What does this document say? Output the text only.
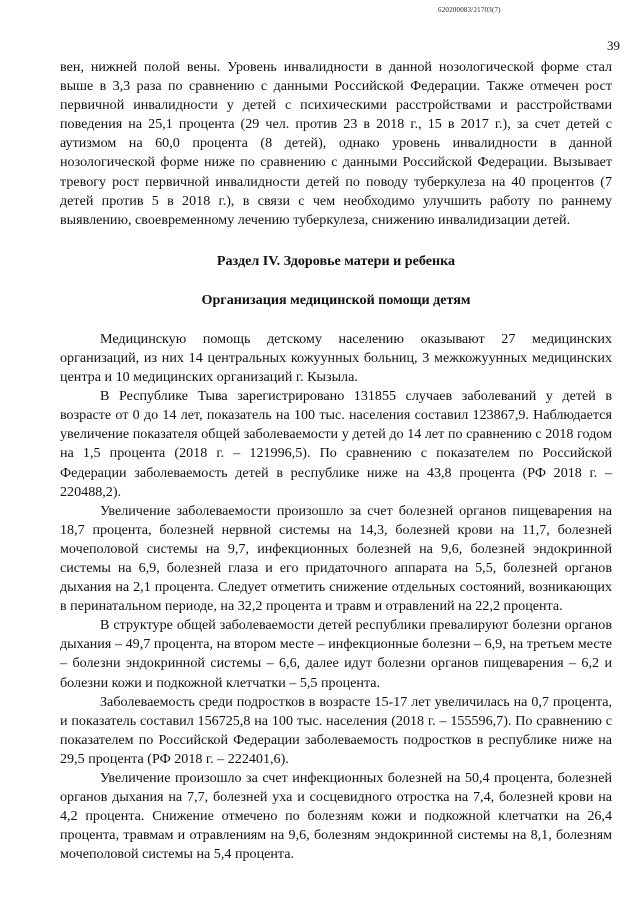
620200083/21703(7)
39

вен, нижней полой вены. Уровень инвалидности в данной нозологической форме стал выше в 3,3 раза по сравнению с данными Российской Федерации. Также отмечен рост первичной инвалидности у детей с психическими расстройствами и расстройствами поведения на 25,1 процента (29 чел. против 23 в 2018 г., 15 в 2017 г.), за счет детей с аутизмом на 60,0 процента (8 детей), однако уровень инвалидности в данной нозологической форме ниже по сравнению с данными Российской Федерации. Вызывает тревогу рост первичной инвалидности детей по поводу туберкулеза на 40 процентов (7 детей против 5 в 2018 г.), в связи с чем необходимо улучшить работу по раннему выявлению, своевременному лечению туберкулеза, снижению инвалидизации детей.

Раздел IV. Здоровье матери и ребенка
Организация медицинской помощи детям

Медицинскую помощь детскому населению оказывают 27 медицинских организаций, из них 14 центральных кожуунных больниц, 3 межкожуунных медицинских центра и 10 медицинских организаций г. Кызыла.

В Республике Тыва зарегистрировано 131855 случаев заболеваний у детей в возрасте от 0 до 14 лет, показатель на 100 тыс. населения составил 123867,9. Наблюдается увеличение показателя общей заболеваемости у детей до 14 лет по сравнению с 2018 годом на 1,5 процента (2018 г. – 121996,5). По сравнению с показателем по Российской Федерации заболеваемость детей в республике ниже на 43,8 процента (РФ 2018 г. – 220488,2).

Увеличение заболеваемости произошло за счет болезней органов пищеварения на 18,7 процента, болезней нервной системы на 14,3, болезней крови на 11,7, болезней мочеполовой системы на 9,7, инфекционных болезней на 9,6, болезней эндокринной системы на 6,9, болезней глаза и его придаточного аппарата на 5,5, болезней органов дыхания на 2,1 процента. Следует отметить снижение отдельных состояний, возникающих в перинатальном периоде, на 32,2 процента и травм и отравлений на 22,2 процента.

В структуре общей заболеваемости детей республики превалируют болезни органов дыхания – 49,7 процента, на втором месте – инфекционные болезни – 6,9, на третьем месте – болезни эндокринной системы – 6,6, далее идут болезни органов пищеварения – 6,2 и болезни кожи и подкожной клетчатки – 5,5 процента.

Заболеваемость среди подростков в возрасте 15-17 лет увеличилась на 0,7 процента, и показатель составил 156725,8 на 100 тыс. населения (2018 г. – 155596,7). По сравнению с показателем по Российской Федерации заболеваемость подростков в республике ниже на 29,5 процента (РФ 2018 г. – 222401,6).

Увеличение произошло за счет инфекционных болезней на 50,4 процента, болезней органов дыхания на 7,7, болезней уха и сосцевидного отростка на 7,4, болезней крови на 4,2 процента. Снижение отмечено по болезням кожи и подкожной клетчатки на 26,4 процента, травмам и отравлениям на 9,6, болезням эндокринной системы на 8,1, болезням мочеполовой системы на 5,4 процента.
